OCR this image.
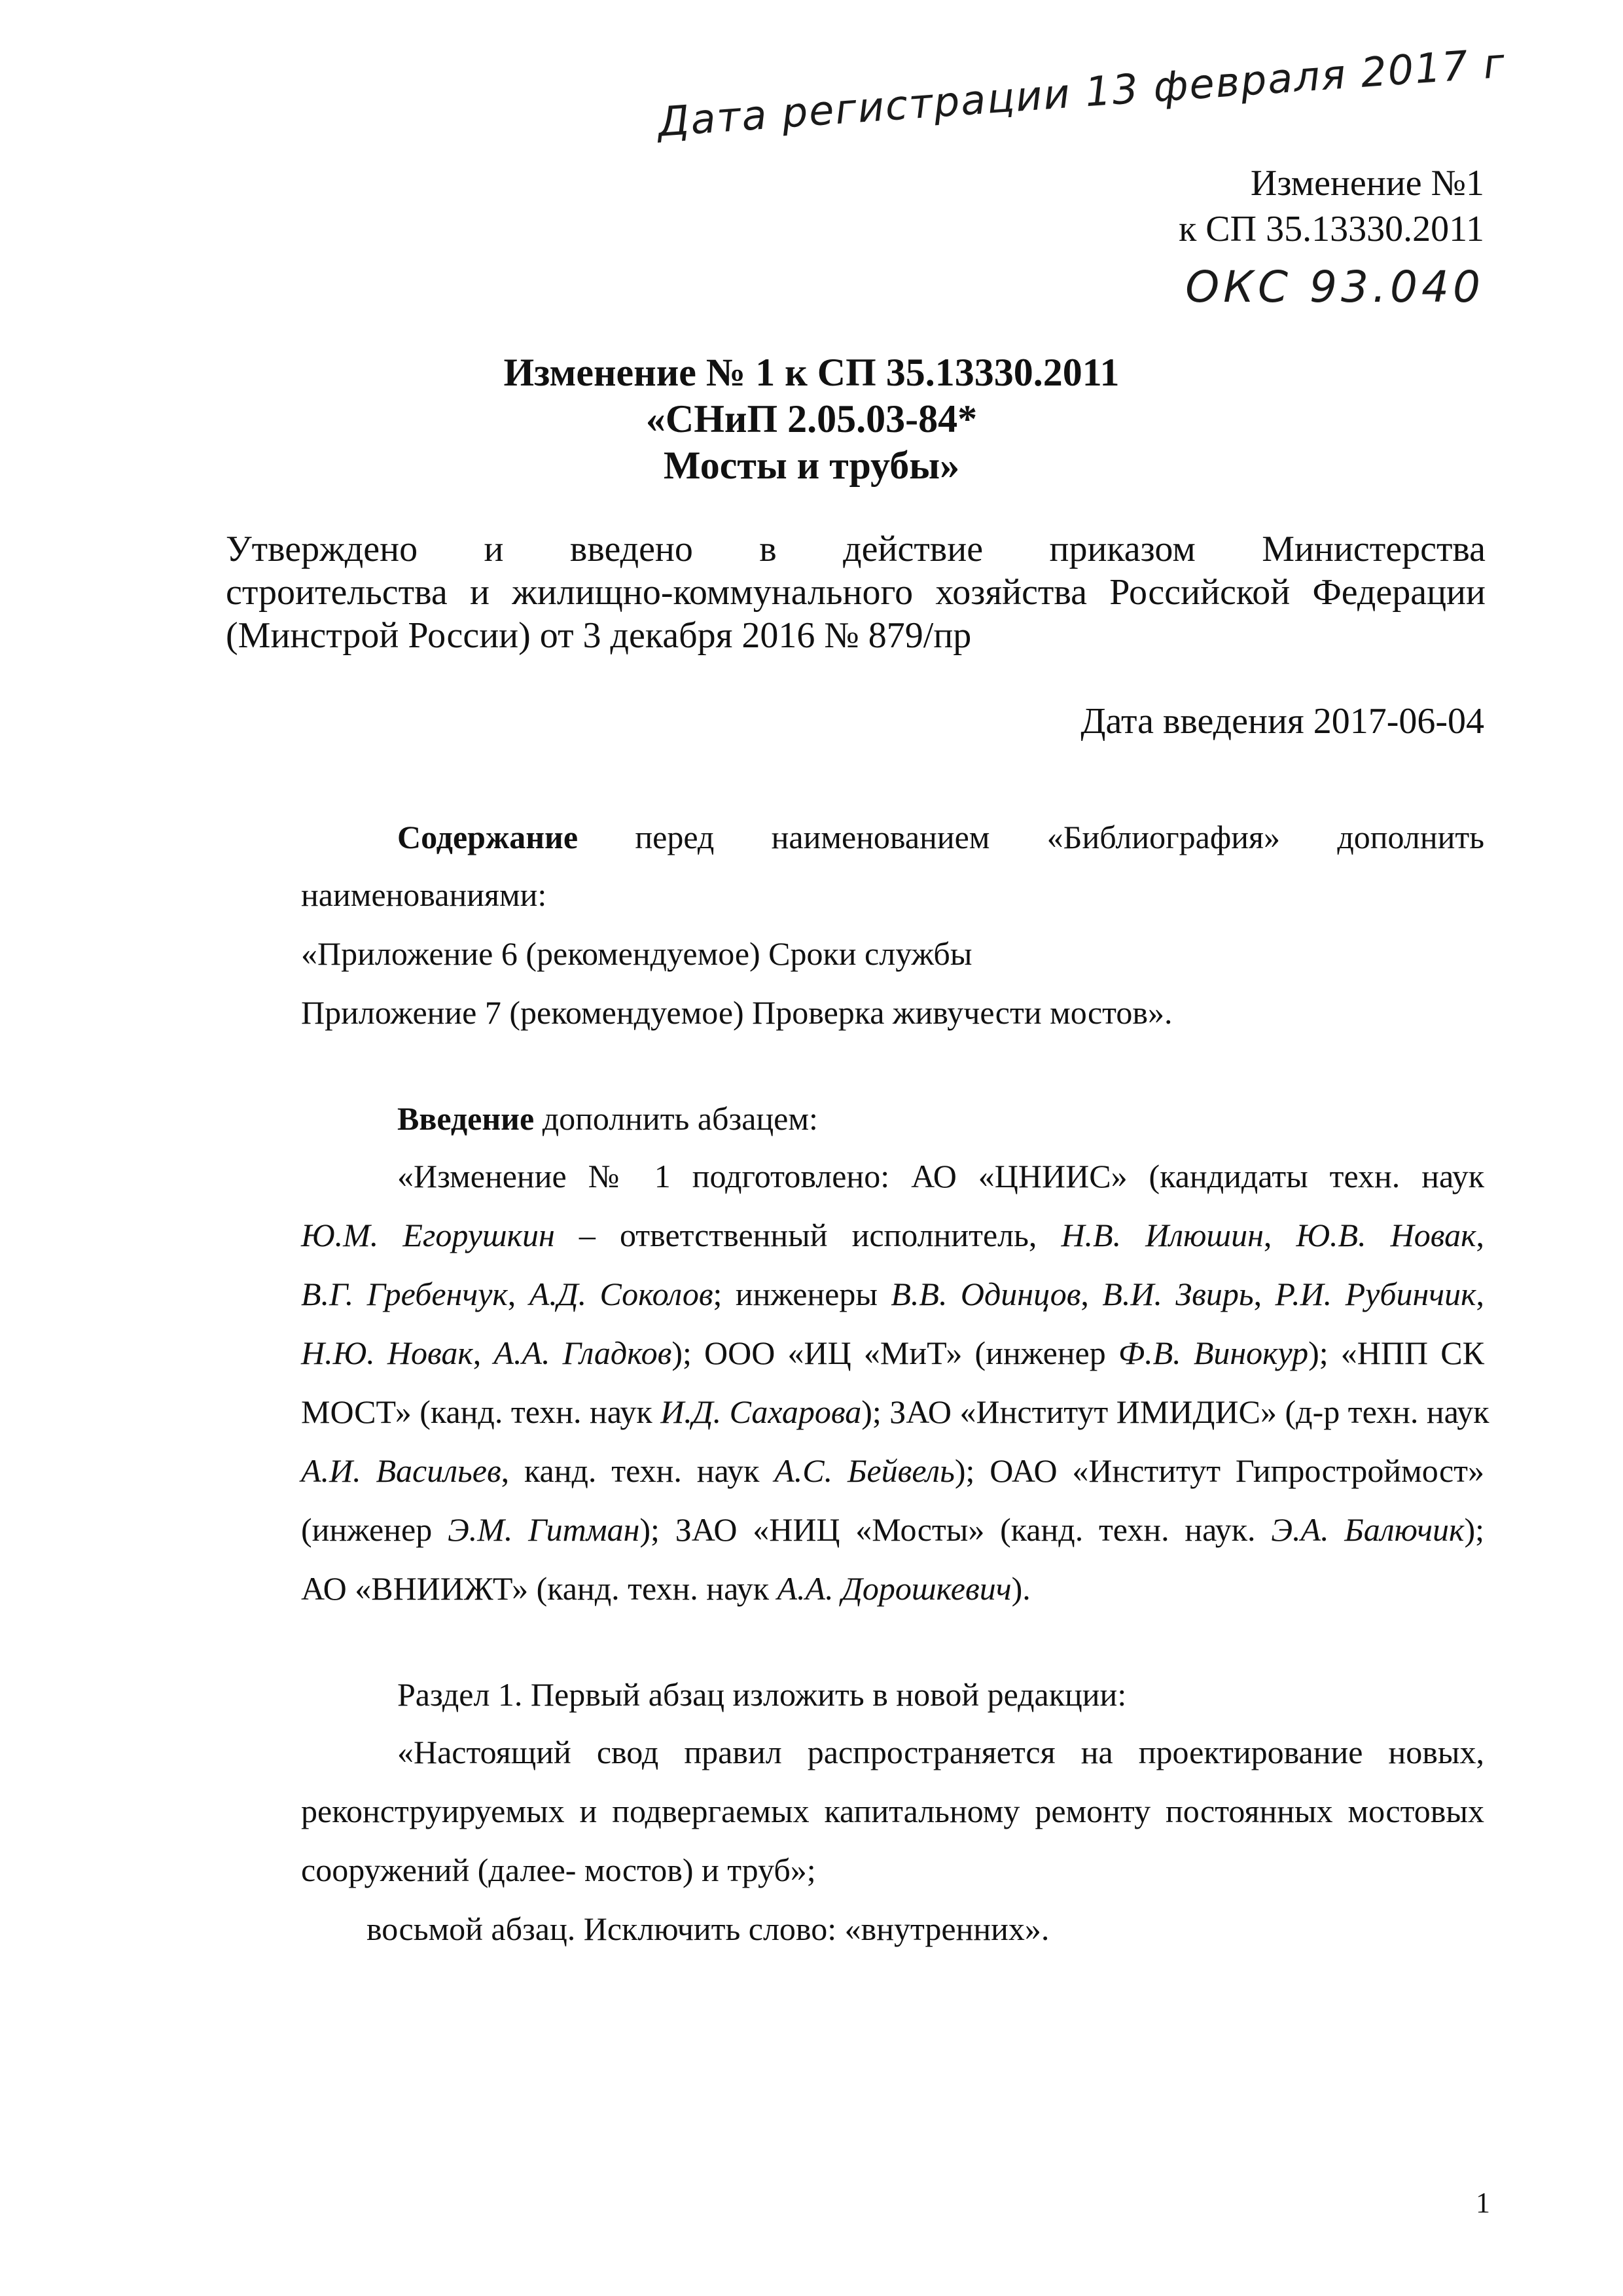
Дата регистрации 13 февраля 2017 г
Изменение №1
к СП 35.13330.2011
ОКС 93.040
Изменение № 1 к СП 35.13330.2011
«СНиП 2.05.03-84*
Мосты и трубы»
Утверждено и введено в действие приказом Министерства
строительства и жилищно-коммунального хозяйства Российской Федерации
(Минстрой России) от 3 декабря 2016 № 879/пр
Дата введения 2017-06-04
Содержание перед наименованием «Библиография» дополнить
наименованиями:
«Приложение 6 (рекомендуемое) Сроки службы
Приложение 7 (рекомендуемое) Проверка живучести мостов».
Введение дополнить абзацем:
«Изменение № 1 подготовлено: АО «ЦНИИС» (кандидаты техн. наук
Ю.М. Егорушкин – ответственный исполнитель, Н.В. Илюшин, Ю.В. Новак,
В.Г. Гребенчук, А.Д. Соколов; инженеры В.В. Одинцов, В.И. Звирь, Р.И. Рубинчик,
Н.Ю. Новак, А.А. Гладков); ООО «ИЦ «МиТ» (инженер Ф.В. Винокур); «НПП СК
МОСТ» (канд. техн. наук И.Д. Сахарова); ЗАО «Институт ИМИДИС» (д-р техн. наук
А.И. Васильев, канд. техн. наук А.С. Бейвель); ОАО «Институт Гипростроймост»
(инженер Э.М. Гитман); ЗАО «НИЦ «Мосты» (канд. техн. наук. Э.А. Балючик);
АО «ВНИИЖТ» (канд. техн. наук А.А. Дорошкевич).
Раздел 1. Первый абзац изложить в новой редакции:
«Настоящий свод правил распространяется на проектирование новых,
реконструируемых и подвергаемых капитальному ремонту постоянных мостовых
сооружений (далее- мостов) и труб»;
восьмой абзац. Исключить слово: «внутренних».
1
